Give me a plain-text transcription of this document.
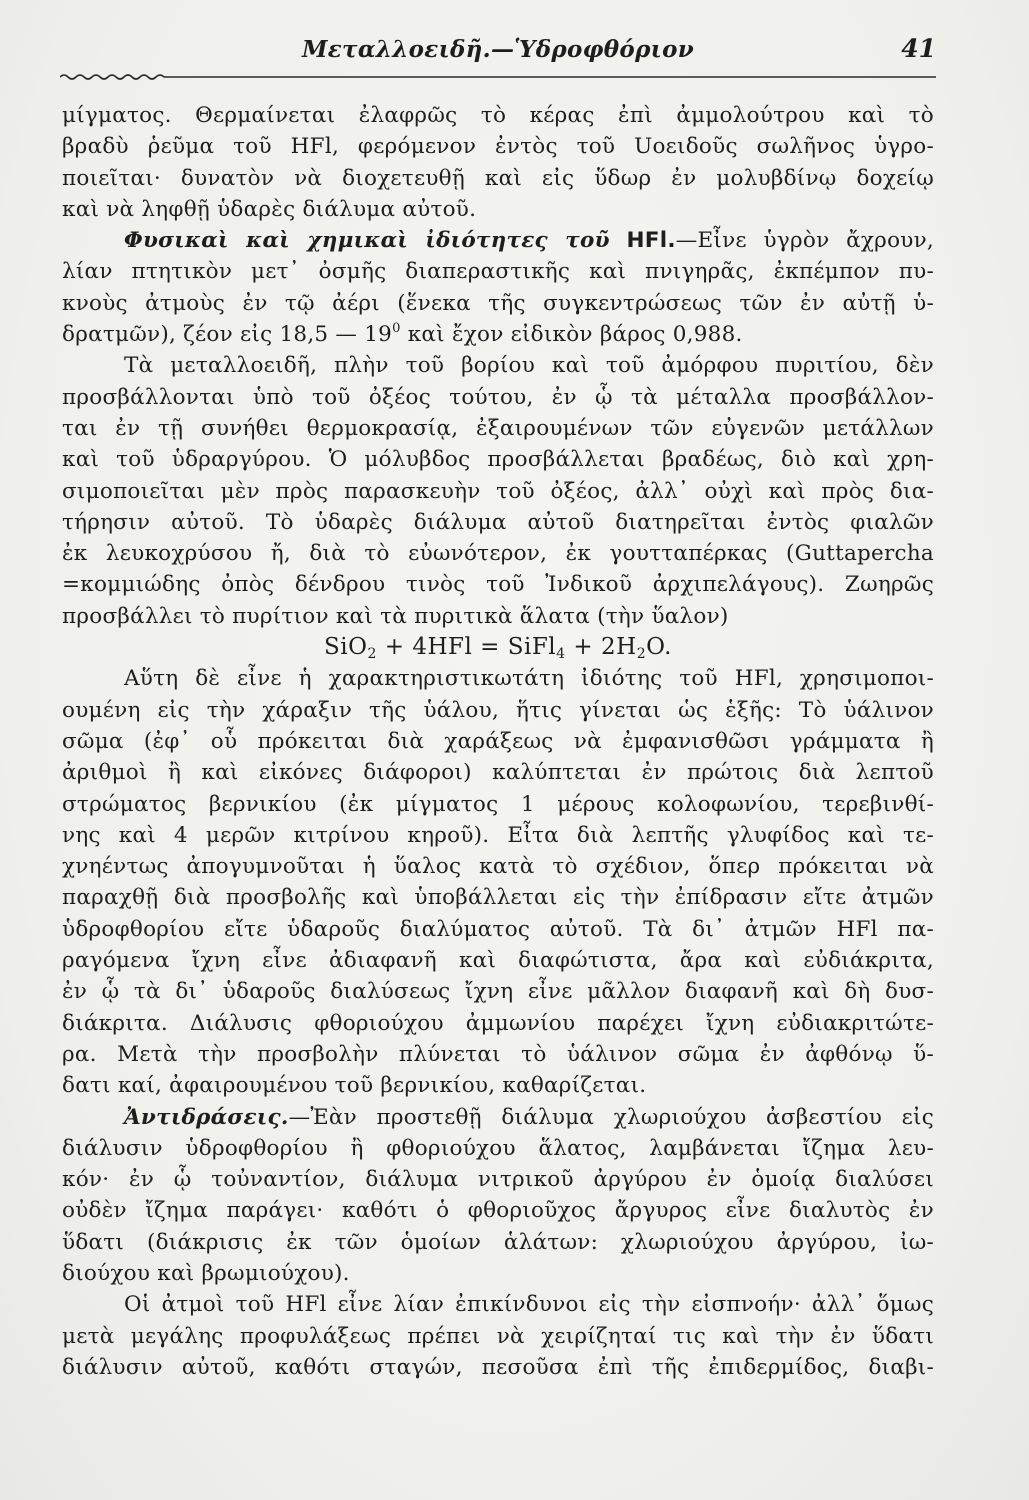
Μεταλλοειδῆ.—Ὑδροφθόριον	41
μίγματος. Θερμαίνεται ἐλαφρῶς τὸ κέρας ἐπὶ ἀμμολούτρου καὶ τὸ
βραδὺ ῥεῦμα τοῦ HFl, φερόμενον ἐντὸς τοῦ Uοειδοῦς σωλῆνος ὑγρο-
ποιεῖται· δυνατὸν νὰ διοχετευθῇ καὶ εἰς ὕδωρ ἐν μολυβδίνῳ δοχείῳ
καὶ νὰ ληφθῇ ὑδαρὲς διάλυμα αὐτοῦ.
Φυσικαὶ καὶ χημικαὶ ἰδιότητες τοῦ HFl.—Εἶνε ὑγρὸν ἄχρουν,
λίαν πτητικὸν μετ᾽ ὀσμῆς διαπεραστικῆς καὶ πνιγηρᾶς, ἐκπέμπον πυ-
κνοὺς ἀτμοὺς ἐν τῷ ἀέρι (ἕνεκα τῆς συγκεντρώσεως τῶν ἐν αὐτῇ ὑ-
δρατμῶν), ζέον εἰς 18,5 — $19^0$ καὶ ἔχον εἰδικὸν βάρος 0,988.
Τὰ μεταλλοειδῆ, πλὴν τοῦ βορίου καὶ τοῦ ἀμόρφου πυριτίου, δὲν
προσβάλλονται ὑπὸ τοῦ ὀξέος τούτου, ἐν ᾧ τὰ μέταλλα προσβάλλον-
ται ἐν τῇ συνήθει θερμοκρασίᾳ, ἐξαιρουμένων τῶν εὐγενῶν μετάλλων
καὶ τοῦ ὑδραργύρου. Ὁ μόλυβδος προσβάλλεται βραδέως, διὸ καὶ χρη-
σιμοποιεῖται μὲν πρὸς παρασκευὴν τοῦ ὀξέος, ἀλλ᾽ οὐχὶ καὶ πρὸς δια-
τήρησιν αὐτοῦ. Τὸ ὑδαρὲς διάλυμα αὐτοῦ διατηρεῖται ἐντὸς φιαλῶν
ἐκ λευκοχρύσου ἤ, διὰ τὸ εὐωνότερον, ἐκ γουτταπέρκας (Guttapercha
=κομμιώδης ὀπὸς δένδρου τινὸς τοῦ Ἰνδικοῦ ἀρχιπελάγους). Ζωηρῶς
προσβάλλει τὸ πυρίτιον καὶ τὰ πυριτικὰ ἅλατα (τὴν ὕαλον)
SiO$_2$ + 4HFl = SiFl$_4$ + $2H_2O$.
Αὕτη δὲ εἶνε ἡ χαρακτηριστικωτάτη ἰδιότης τοῦ HFl, χρησιμοποι-
ουμένη εἰς τὴν χάραξιν τῆς ὑάλου, ἥτις γίνεται ὡς ἑξῆς: Τὸ ὑάλινον
σῶμα (ἐφ᾽ οὗ πρόκειται διὰ χαράξεως νὰ ἐμφανισθῶσι γράμματα ἢ
ἀριθμοὶ ἢ καὶ εἰκόνες διάφοροι) καλύπτεται ἐν πρώτοις διὰ λεπτοῦ
στρώματος βερνικίου (ἐκ μίγματος 1 μέρους κολοφωνίου, τερεβινθί-
νης καὶ 4 μερῶν κιτρίνου κηροῦ). Εἶτα διὰ λεπτῆς γλυφίδος καὶ τε-
χνηέντως ἀπογυμνοῦται ἡ ὕαλος κατὰ τὸ σχέδιον, ὅπερ πρόκειται νὰ
παραχθῇ διὰ προσβολῆς καὶ ὑποβάλλεται εἰς τὴν ἐπίδρασιν εἴτε ἀτμῶν
ὑδροφθορίου εἴτε ὑδαροῦς διαλύματος αὐτοῦ. Τὰ δι᾽ ἀτμῶν HFl πα-
ραγόμενα ἴχνη εἶνε ἀδιαφανῆ καὶ διαφώτιστα, ἄρα καὶ εὐδιάκριτα,
ἐν ᾧ τὰ δι᾽ ὑδαροῦς διαλύσεως ἴχνη εἶνε μᾶλλον διαφανῆ καὶ δὴ δυσ-
διάκριτα. Διάλυσις φθοριούχου ἀμμωνίου παρέχει ἴχνη εὐδιακριτώτε-
ρα. Μετὰ τὴν προσβολὴν πλύνεται τὸ ὑάλινον σῶμα ἐν ἀφθόνῳ ὕ-
δατι καί, ἀφαιρουμένου τοῦ βερνικίου, καθαρίζεται.
Ἀντιδράσεις.—Ἐὰν προστεθῇ διάλυμα χλωριούχου ἀσβεστίου εἰς
διάλυσιν ὑδροφθορίου ἢ φθοριούχου ἅλατος, λαμβάνεται ἴζημα λευ-
κόν· ἐν ᾧ τοὐναντίον, διάλυμα νιτρικοῦ ἀργύρου ἐν ὁμοίᾳ διαλύσει
οὐδὲν ἴζημα παράγει· καθότι ὁ φθοριοῦχος ἄργυρος εἶνε διαλυτὸς ἐν
ὕδατι (διάκρισις ἐκ τῶν ὁμοίων ἁλάτων: χλωριούχου ἀργύρου, ἰω-
διούχου καὶ βρωμιούχου).
Οἱ ἀτμοὶ τοῦ HFl εἶνε λίαν ἐπικίνδυνοι εἰς τὴν εἰσπνοήν· ἀλλ᾽ ὅμως
μετὰ μεγάλης προφυλάξεως πρέπει νὰ χειρίζηταί τις καὶ τὴν ἐν ὕδατι
διάλυσιν αὐτοῦ, καθότι σταγών, πεσοῦσα ἐπὶ τῆς ἐπιδερμίδος, διαβι-
